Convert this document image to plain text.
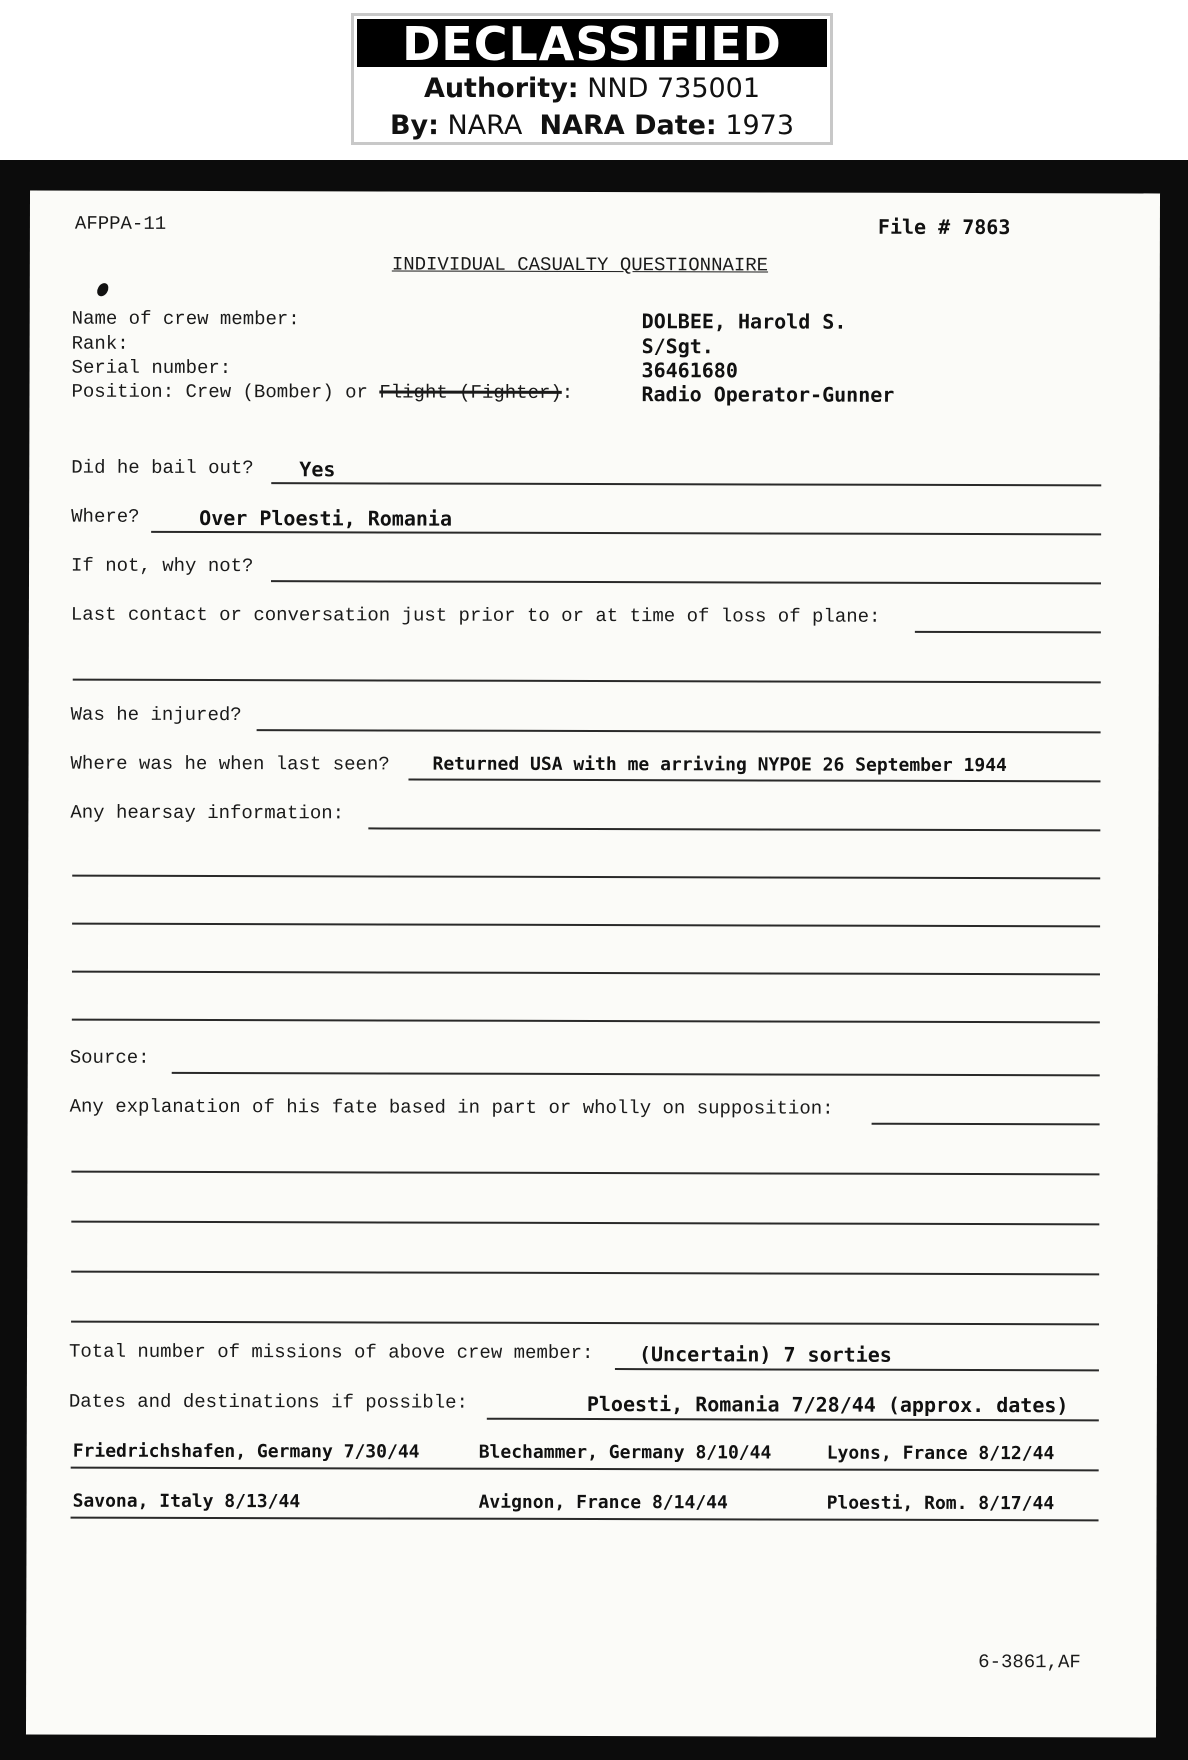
DECLASSIFIED
Authority: NND 735001
By: NARA NARA Date: 1973
AFPPA-11	File # 7863
INDIVIDUAL CASUALTY QUESTIONNAIRE
Name of crew member:	DOLBEE, Harold S.
Rank:	S/Sgt.
Serial number:	36461680
Position: Crew (Bomber) or Flight (Fighter):	Radio Operator-Gunner
Did he bail out? Yes
Where?	Over Ploesti, Romania
If not, why not?
Last contact or conversation just prior to or at time of loss of plane:
Was he injured?
Where was he when last seen? Returned USA with me arriving NYPOE 26 September 1944
Any hearsay information:
Source:
Any explanation of his fate based in part or wholly on supposition:
Total number of missions of above crew member: (Uncertain) 7 sorties
Dates and destinations if possible:	Ploesti, Romania 7/28/44 (approx. dates)
Friedrichshafen, Germany 7/30/44	Blechammer, Germany 8/10/44	Lyons, France 8/12/44
Savona, Italy 8/13/44	Avignon, France 8/14/44	Ploesti, Rom. 8/17/44
6-3861,AF
